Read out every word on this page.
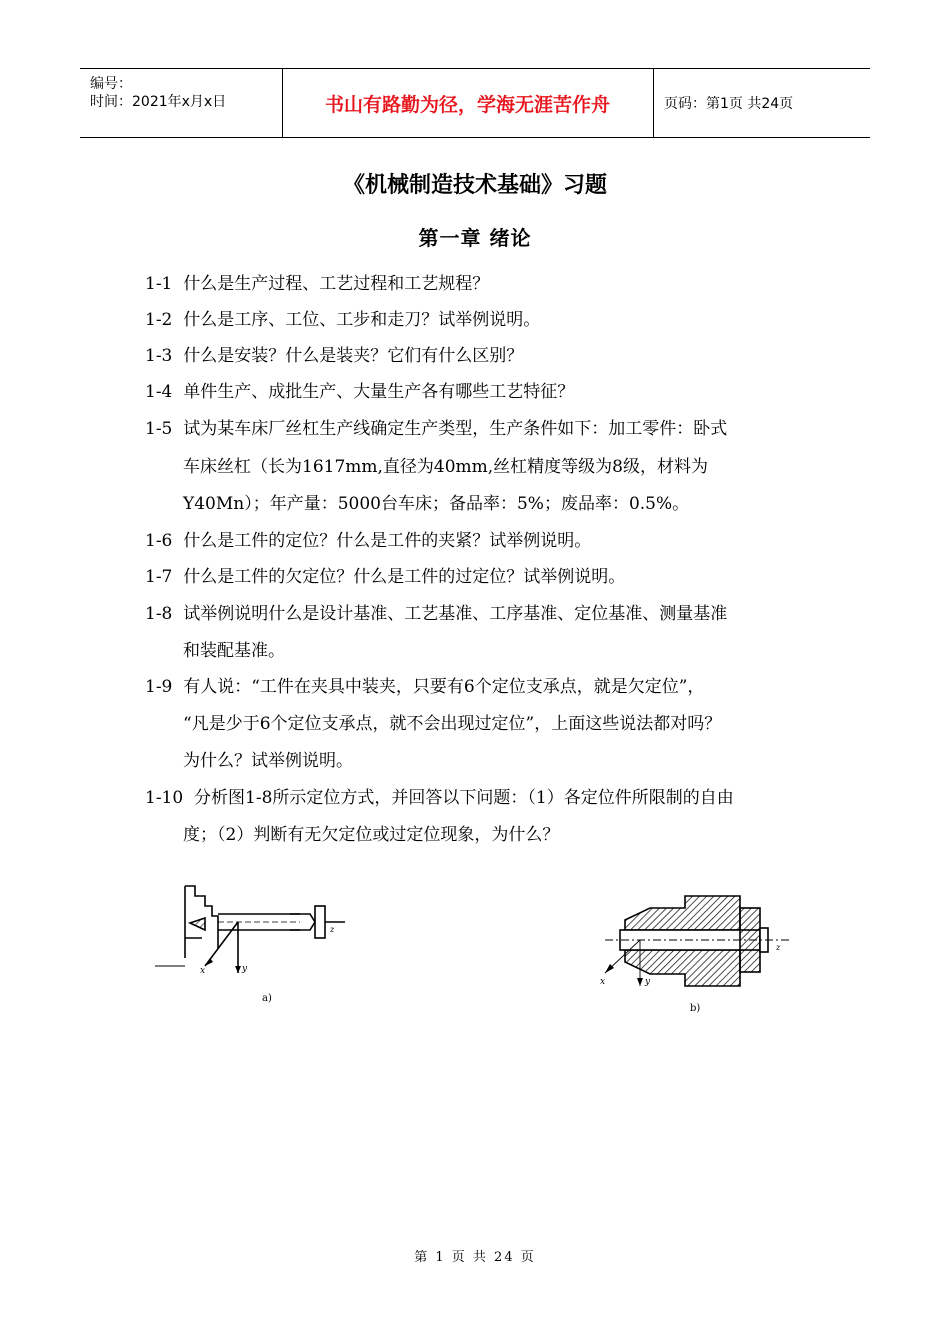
编号：
时间：2021年x月x日	书山有路勤为径，学海无涯苦作舟	页码：第1页 共24页
《机械制造技术基础》习题
第一章 绪论
1-1 什么是生产过程、工艺过程和工艺规程？
1-2 什么是工序、工位、工步和走刀？试举例说明。
1-3 什么是安装？什么是装夹？它们有什么区别？
1-4 单件生产、成批生产、大量生产各有哪些工艺特征？
1-5 试为某车床厂丝杠生产线确定生产类型，生产条件如下：加工零件：卧式
车床丝杠（长为1617mm,直径为40mm,丝杠精度等级为8级，材料为
Y40Mn）；年产量：5000台车床；备品率：5%；废品率：0.5%。
1-6 什么是工件的定位？什么是工件的夹紧？试举例说明。
1-7 什么是工件的欠定位？什么是工件的过定位？试举例说明。
1-8 试举例说明什么是设计基准、工艺基准、工序基准、定位基准、测量基准
和装配基准。
1-9 有人说：“工件在夹具中装夹，只要有6个定位支承点，就是欠定位”，
“凡是少于6个定位支承点，就不会出现过定位”，上面这些说法都对吗？
为什么？试举例说明。
1-10 分析图1-8所示定位方式，并回答以下问题：（1）各定位件所限制的自由
度；（2）判断有无欠定位或过定位现象，为什么？
x	y
z
a)
x	y
z
b)
第 1 页 共 24 页
